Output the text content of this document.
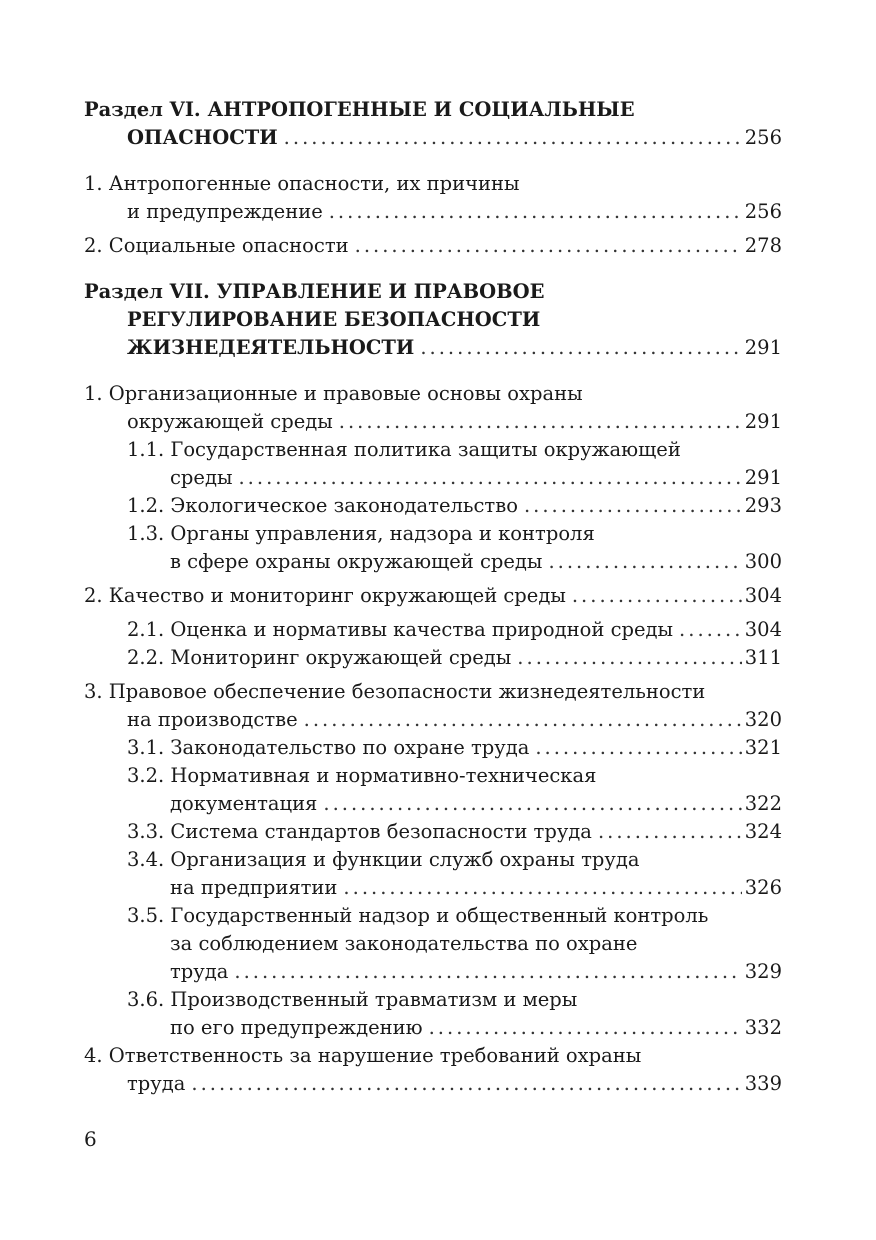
Раздел VI. АНТРОПОГЕННЫЕ И СОЦИАЛЬНЫЕ
ОПАСНОСТИ . . .	256
1. Антропогенные опасности, их причины
и предупреждение . . .	256
2. Социальные опасности . . .	278
Раздел VII. УПРАВЛЕНИЕ И ПРАВОВОЕ
РЕГУЛИРОВАНИЕ БЕЗОПАСНОСТИ
ЖИЗНЕДЕЯТЕЛЬНОСТИ . . .	291
1. Организационные и правовые основы охраны
окружающей среды . . .	291
1.1. Государственная политика защиты окружающей
среды . . .	291
1.2. Экологическое законодательство . . .	293
1.3. Органы управления, надзора и контроля
в сфере охраны окружающей среды . . .	300
2. Качество и мониторинг окружающей среды . . .	304
2.1. Оценка и нормативы качества природной среды . . .	304
2.2. Мониторинг окружающей среды . . .	311
3. Правовое обеспечение безопасности жизнедеятельности
на производстве . . .	320
3.1. Законодательство по охране труда . . .	321
3.2. Нормативная и нормативно-техническая
документация . . .	322
3.3. Система стандартов безопасности труда . . .	324
3.4. Организация и функции служб охраны труда
на предприятии . . .	326
3.5. Государственный надзор и общественный контроль
за соблюдением законодательства по охране
труда . . .	329
3.6. Производственный травматизм и меры
по его предупреждению . . .	332
4. Ответственность за нарушение требований охраны
труда . . .	339
6
